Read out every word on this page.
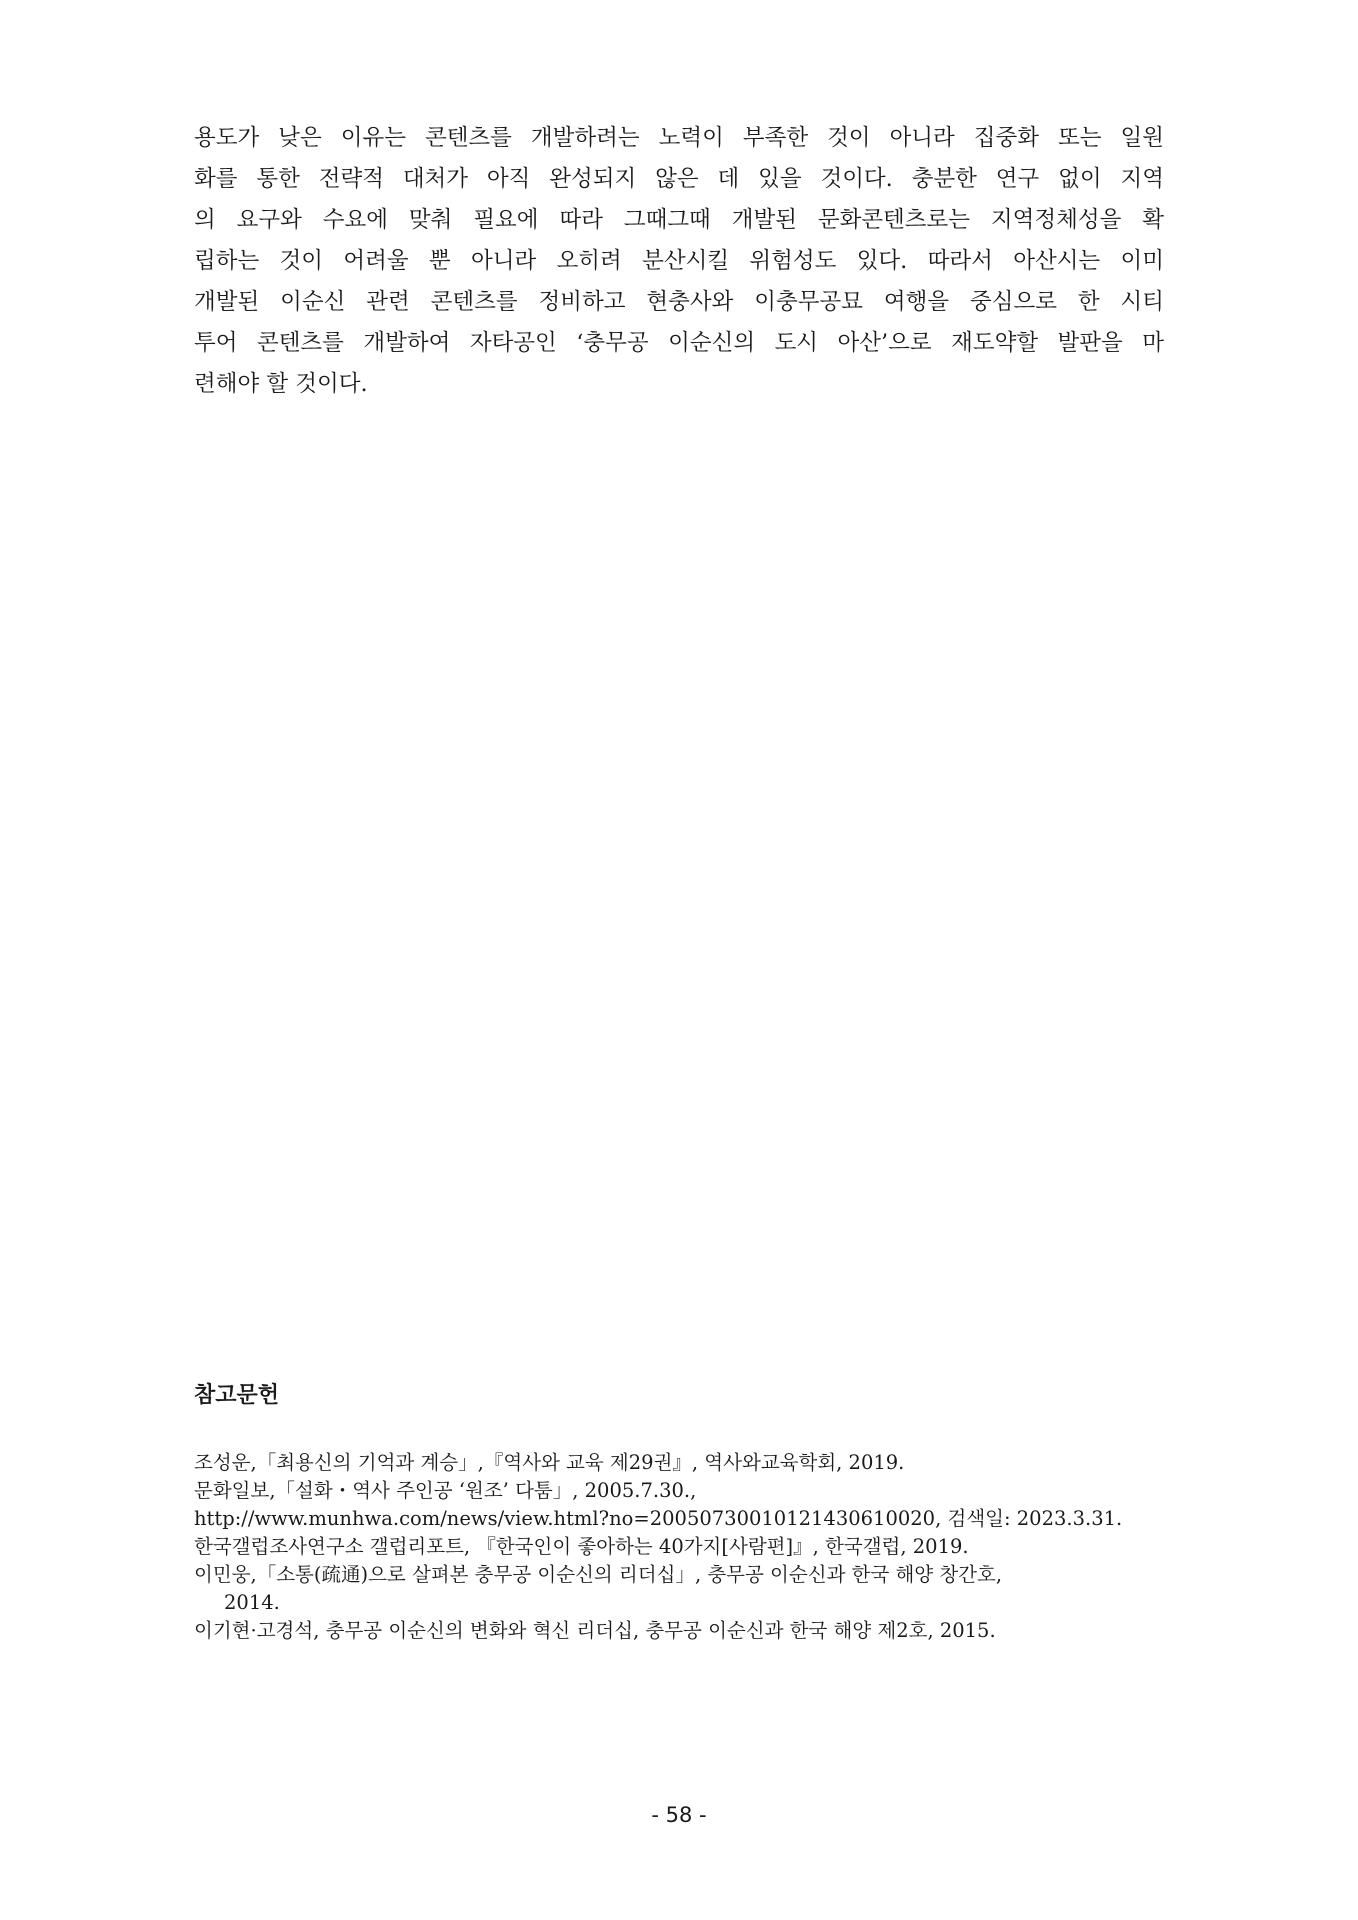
용도가 낮은 이유는 콘텐츠를 개발하려는 노력이 부족한 것이 아니라 집중화 또는 일원
화를 통한 전략적 대처가 아직 완성되지 않은 데 있을 것이다. 충분한 연구 없이 지역
의 요구와 수요에 맞춰 필요에 따라 그때그때 개발된 문화콘텐츠로는 지역정체성을 확
립하는 것이 어려울 뿐 아니라 오히려 분산시킬 위험성도 있다. 따라서 아산시는 이미
개발된 이순신 관련 콘텐츠를 정비하고 현충사와 이충무공묘 여행을 중심으로 한 시티
투어 콘텐츠를 개발하여 자타공인 ‘충무공 이순신의 도시 아산’으로 재도약할 발판을 마
련해야 할 것이다.
참고문헌
조성운,「최용신의 기억과 계승」,『역사와 교육 제29권』, 역사와교육학회, 2019.
문화일보,「설화・역사 주인공 ‘원조’ 다툼」, 2005.7.30.,
http://www.munhwa.com/news/view.html?no=20050730010121430610020, 검색일: 2023.3.31.
한국갤럽조사연구소 갤럽리포트, 『한국인이 좋아하는 40가지[사람편]』, 한국갤럽, 2019.
이민웅,「소통(疏通)으로 살펴본 충무공 이순신의 리더십」, 충무공 이순신과 한국 해양 창간호,
2014.
이기현·고경석, 충무공 이순신의 변화와 혁신 리더십, 충무공 이순신과 한국 해양 제2호, 2015.
- 58 -
